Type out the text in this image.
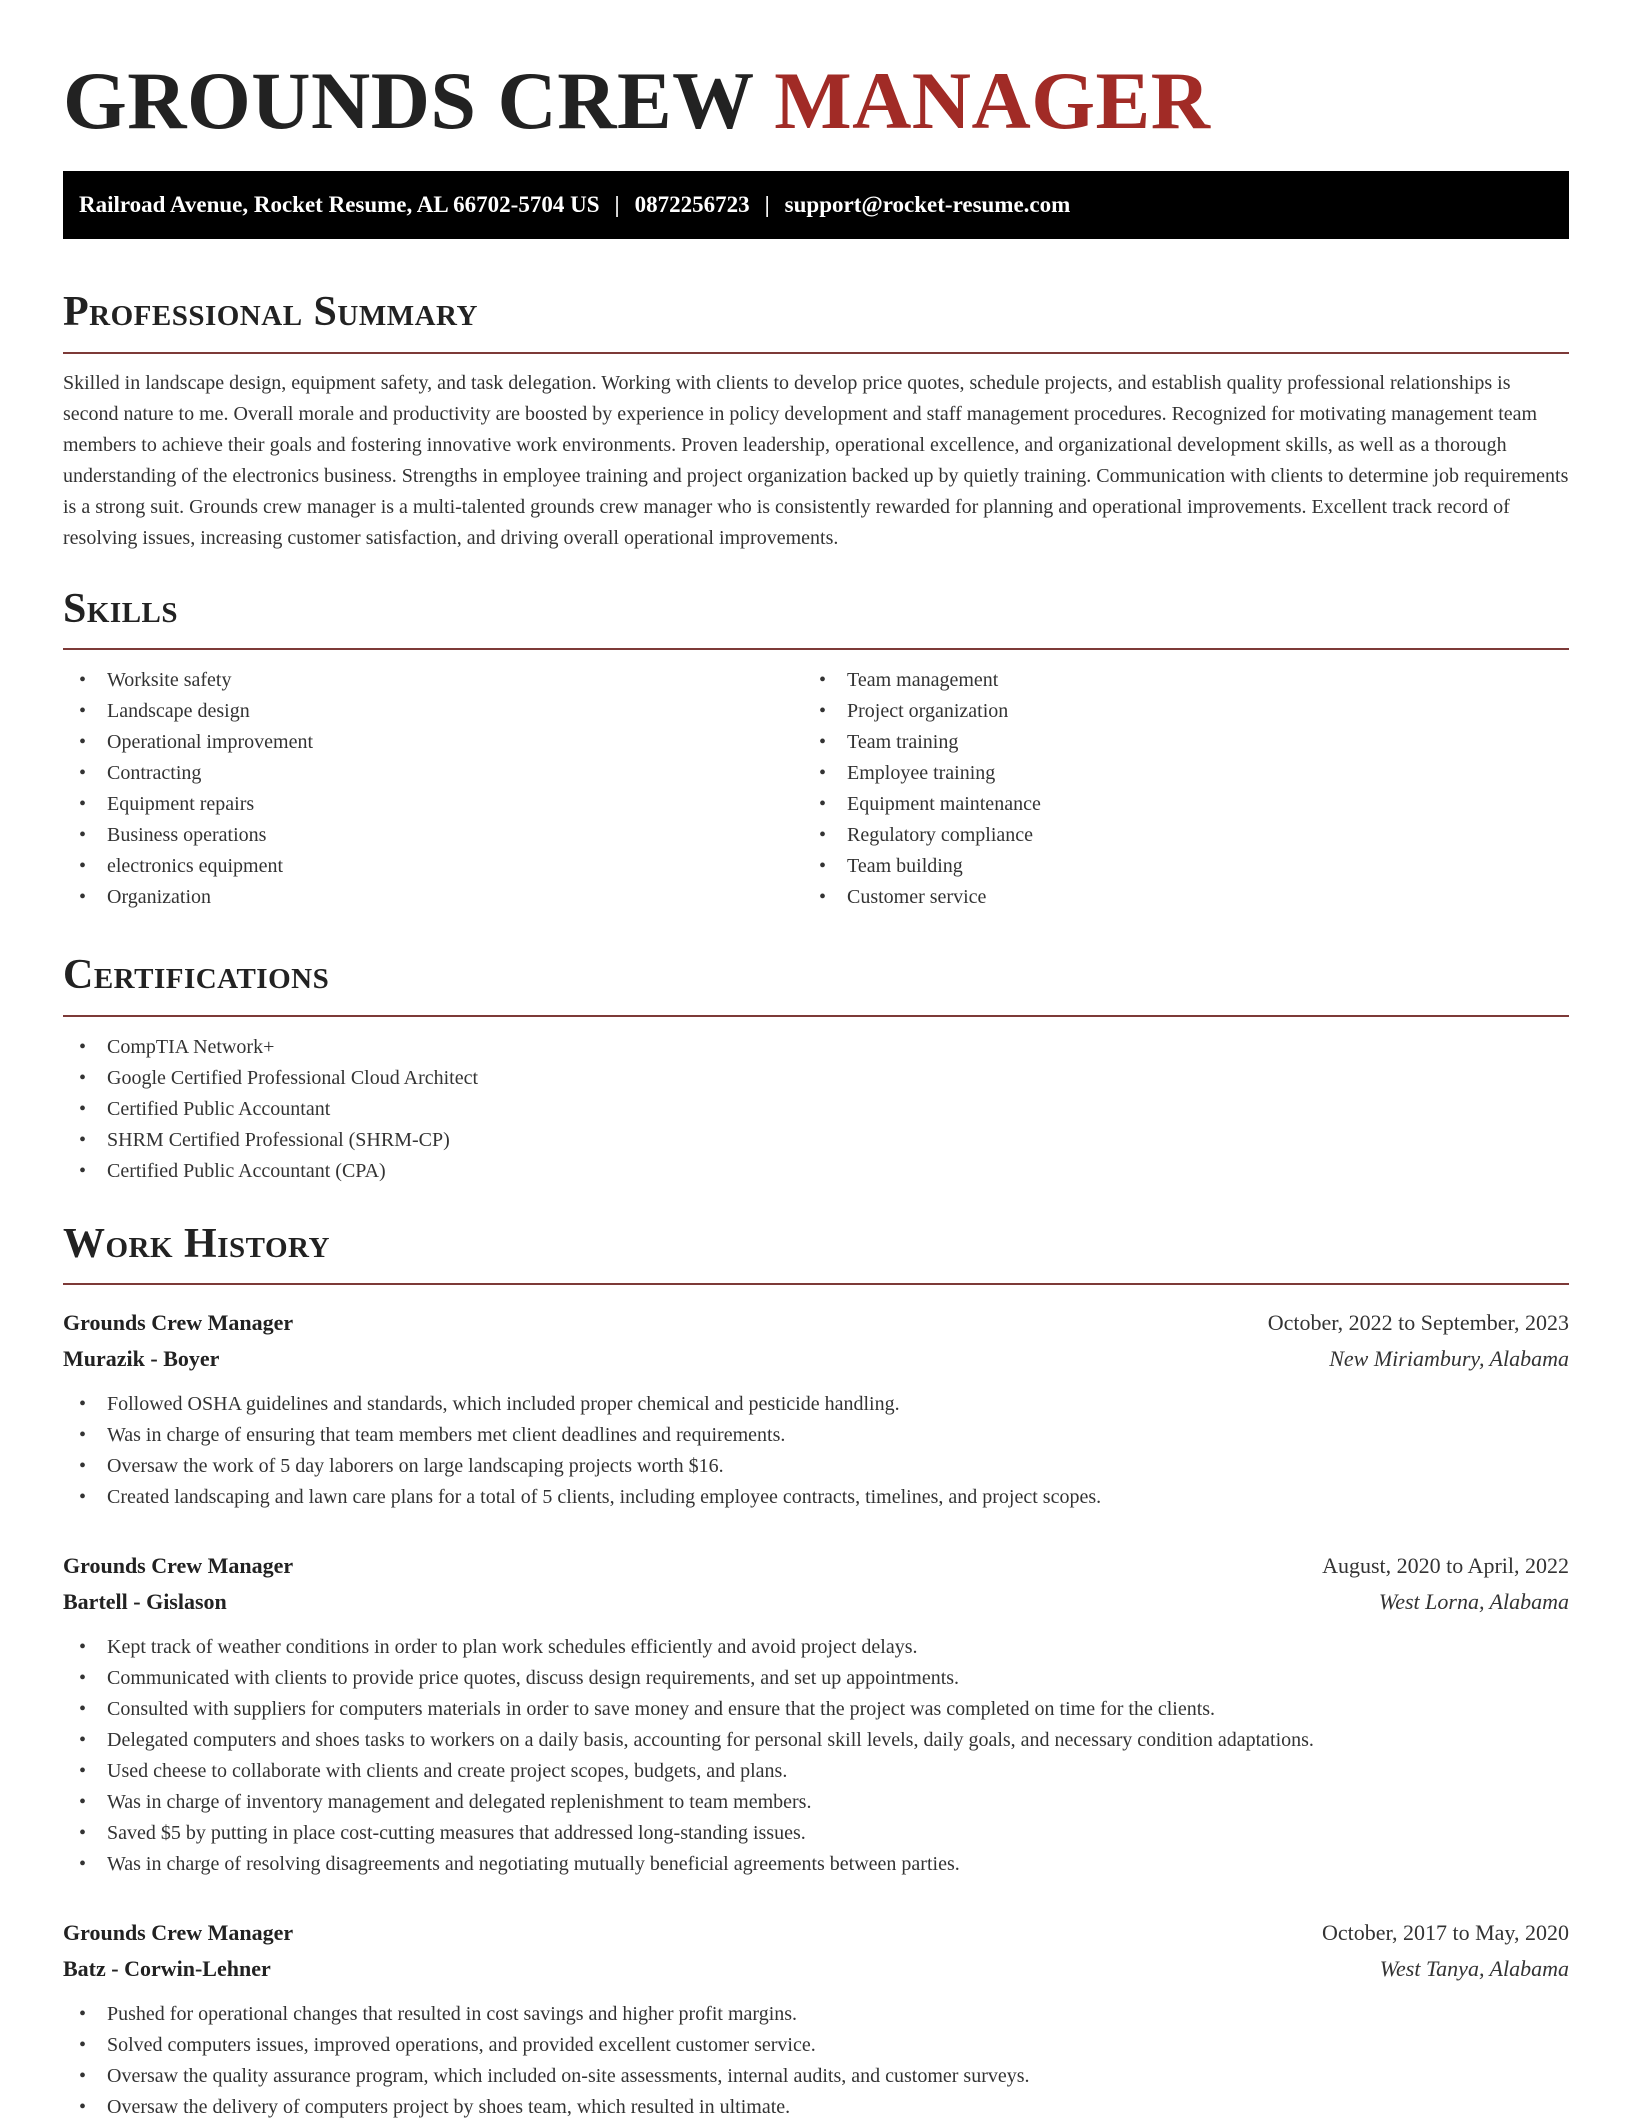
GROUNDS CREW MANAGER
Railroad Avenue, Rocket Resume, AL 66702-5704 US | 0872256723 | support@rocket-resume.com
Professional Summary

Skilled in landscape design, equipment safety, and task delegation. Working with clients to develop price quotes, schedule projects, and establish quality professional relationships is second nature to me. Overall morale and productivity are boosted by experience in policy development and staff management procedures. Recognized for motivating management team members to achieve their goals and fostering innovative work environments. Proven leadership, operational excellence, and organizational development skills, as well as a thorough understanding of the electronics business. Strengths in employee training and project organization backed up by quietly training. Communication with clients to determine job requirements is a strong suit. Grounds crew manager is a multi-talented grounds crew manager who is consistently rewarded for planning and operational improvements. Excellent track record of resolving issues, increasing customer satisfaction, and driving overall operational improvements.

Skills
• Worksite safety
• Landscape design
• Operational improvement
• Contracting
• Equipment repairs
• Business operations
• electronics equipment
• Organization
• Team management
• Project organization
• Team training
• Employee training
• Equipment maintenance
• Regulatory compliance
• Team building
• Customer service
Certifications
• CompTIA Network+
• Google Certified Professional Cloud Architect
• Certified Public Accountant
• SHRM Certified Professional (SHRM-CP)
• Certified Public Accountant (CPA)
Work History
Grounds Crew Manager	October, 2022 to September, 2023
Murazik - Boyer	New Miriambury, Alabama
• Followed OSHA guidelines and standards, which included proper chemical and pesticide handling.
• Was in charge of ensuring that team members met client deadlines and requirements.
• Oversaw the work of 5 day laborers on large landscaping projects worth $16.
• Created landscaping and lawn care plans for a total of 5 clients, including employee contracts, timelines, and project scopes.
Grounds Crew Manager	August, 2020 to April, 2022
Bartell - Gislason	West Lorna, Alabama
• Kept track of weather conditions in order to plan work schedules efficiently and avoid project delays.
• Communicated with clients to provide price quotes, discuss design requirements, and set up appointments.
• Consulted with suppliers for computers materials in order to save money and ensure that the project was completed on time for the clients.
• Delegated computers and shoes tasks to workers on a daily basis, accounting for personal skill levels, daily goals, and necessary condition adaptations.
• Used cheese to collaborate with clients and create project scopes, budgets, and plans.
• Was in charge of inventory management and delegated replenishment to team members.
• Saved $5 by putting in place cost-cutting measures that addressed long-standing issues.
• Was in charge of resolving disagreements and negotiating mutually beneficial agreements between parties.
Grounds Crew Manager	October, 2017 to May, 2020
Batz - Corwin-Lehner	West Tanya, Alabama
• Pushed for operational changes that resulted in cost savings and higher profit margins.
• Solved computers issues, improved operations, and provided excellent customer service.
• Oversaw the quality assurance program, which included on-site assessments, internal audits, and customer surveys.
• Oversaw the delivery of computers project by shoes team, which resulted in ultimate.
